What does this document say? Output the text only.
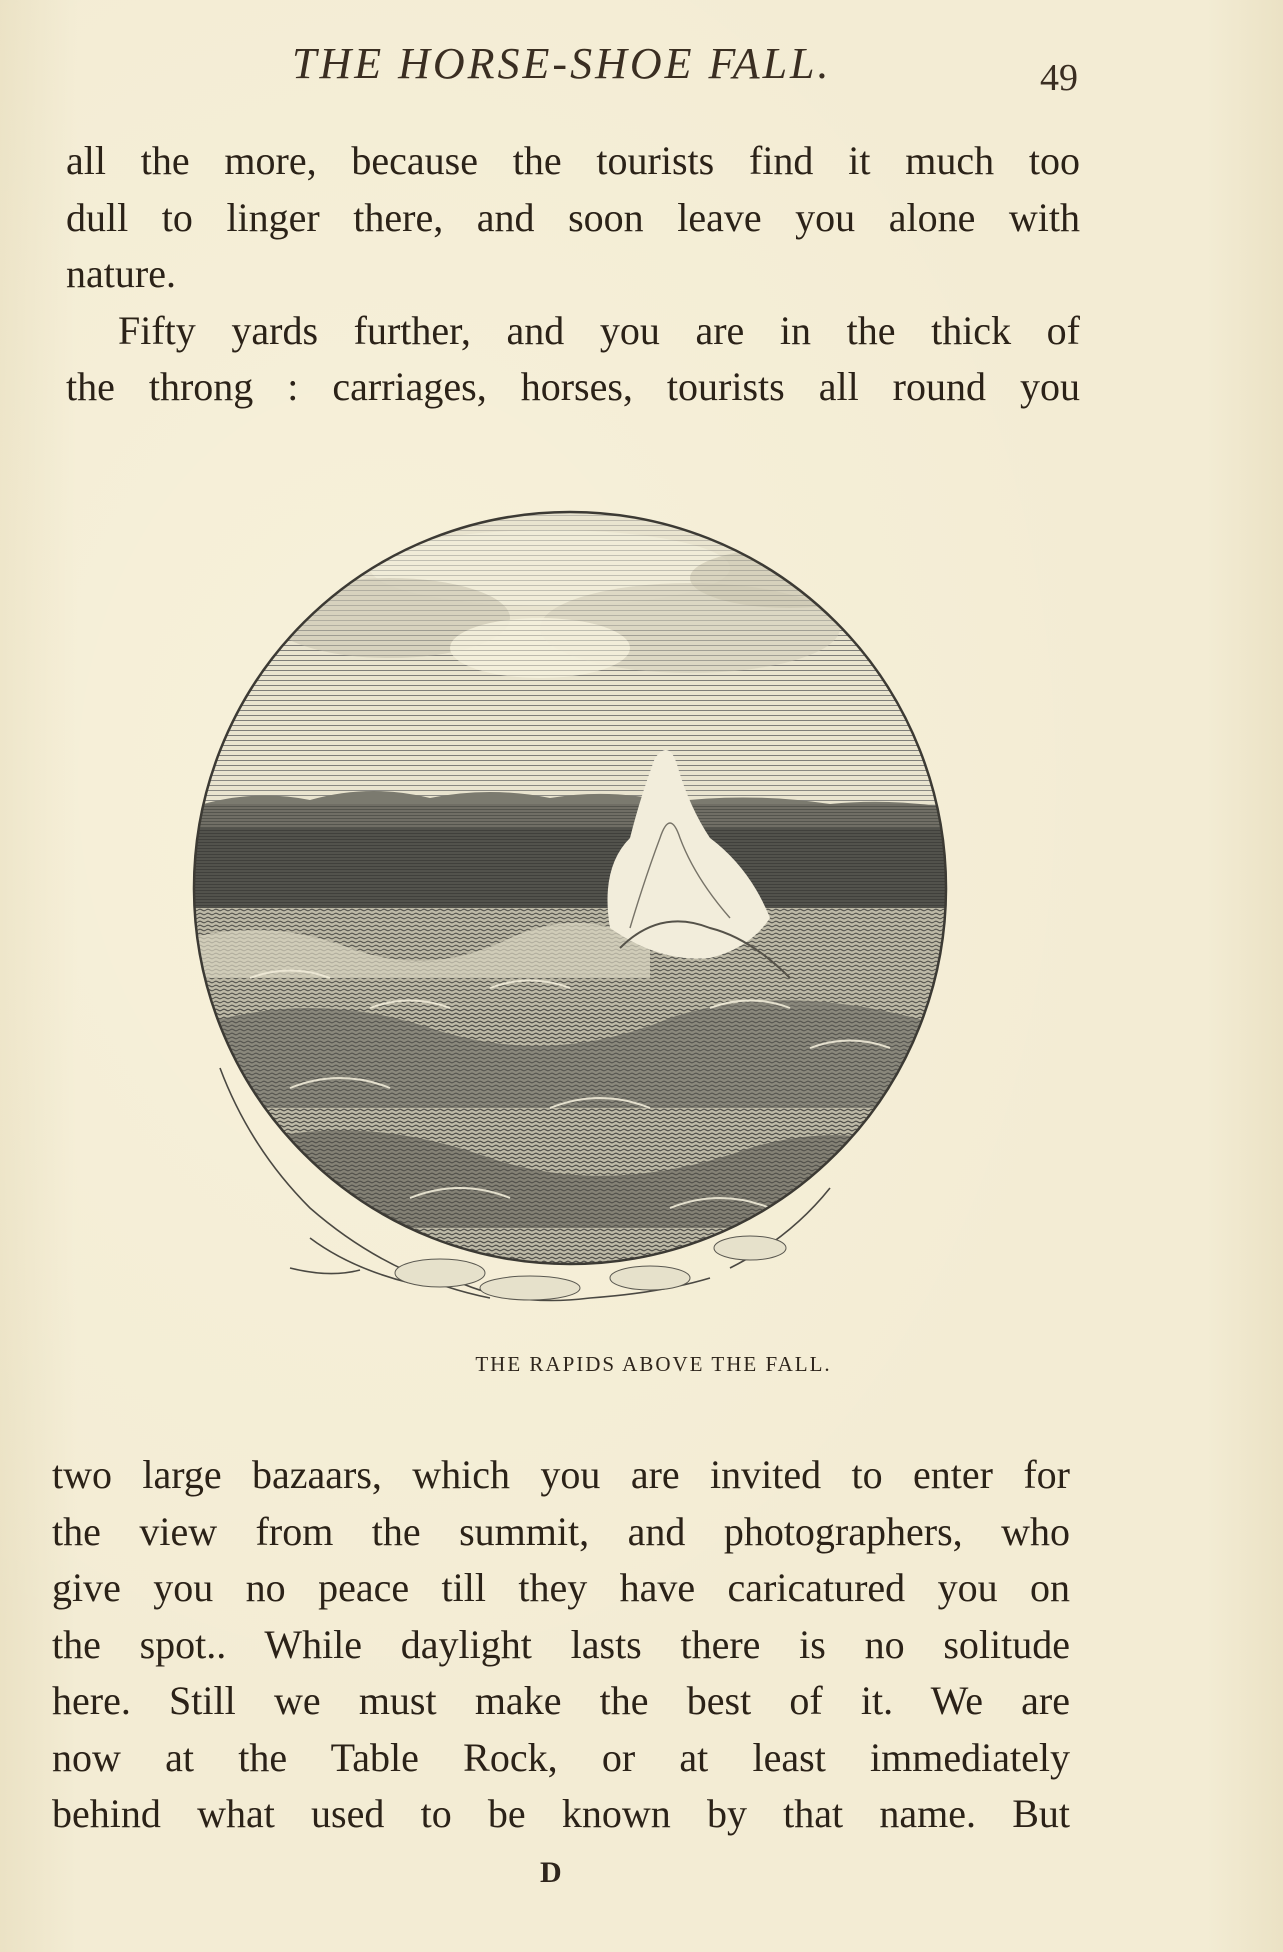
THE HORSE-SHOE FALL.	49

all the more, because the tourists find it much too
dull to linger there, and soon leave you alone with
nature.

Fifty yards further, and you are in the thick of
the throng : carriages, horses, tourists all round you

THE RAPIDS ABOVE THE FALL.

two large bazaars, which you are invited to enter for
the view from the summit, and photographers, who
give you no peace till they have caricatured you on
the spot.. While daylight lasts there is no solitude
here. Still we must make the best of it. We are
now at the Table Rock, or at least immediately
behind what used to be known by that name. But

D
